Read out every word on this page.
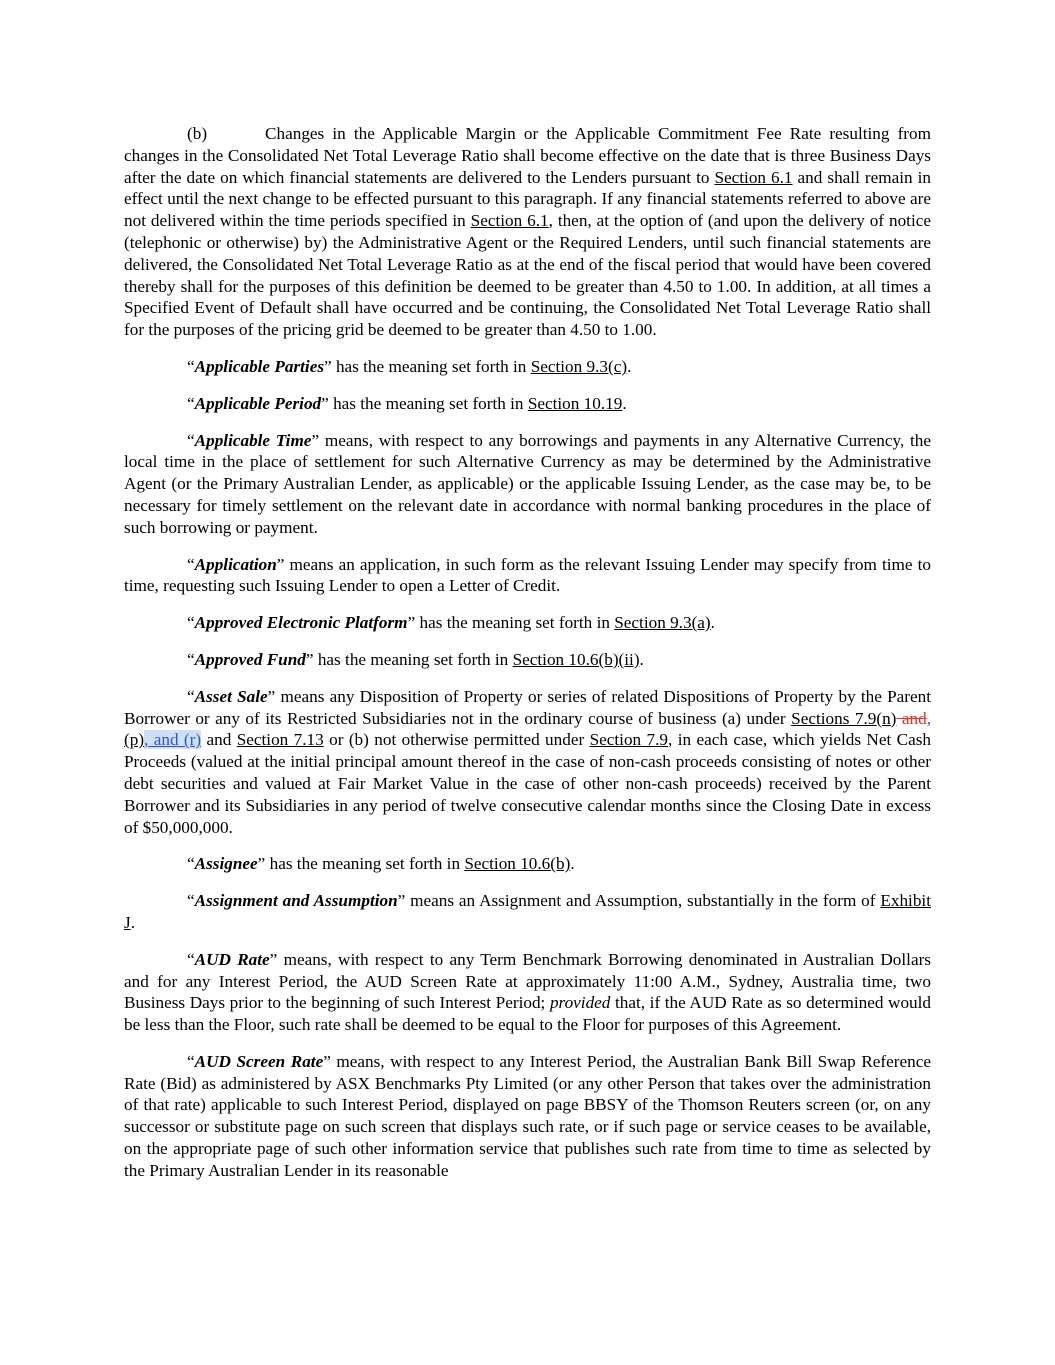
(b)	Changes in the Applicable Margin or the Applicable Commitment Fee Rate resulting from changes in the Consolidated Net Total Leverage Ratio shall become effective on the date that is three Business Days after the date on which financial statements are delivered to the Lenders pursuant to Section 6.1 and shall remain in effect until the next change to be effected pursuant to this paragraph. If any financial statements referred to above are not delivered within the time periods specified in Section 6.1, then, at the option of (and upon the delivery of notice (telephonic or otherwise) by) the Administrative Agent or the Required Lenders, until such financial statements are delivered, the Consolidated Net Total Leverage Ratio as at the end of the fiscal period that would have been covered thereby shall for the purposes of this definition be deemed to be greater than 4.50 to 1.00. In addition, at all times a Specified Event of Default shall have occurred and be continuing, the Consolidated Net Total Leverage Ratio shall for the purposes of the pricing grid be deemed to be greater than 4.50 to 1.00.

“Applicable Parties” has the meaning set forth in Section 9.3(c).

“Applicable Period” has the meaning set forth in Section 10.19.

“Applicable Time” means, with respect to any borrowings and payments in any Alternative Currency, the local time in the place of settlement for such Alternative Currency as may be determined by the Administrative Agent (or the Primary Australian Lender, as applicable) or the applicable Issuing Lender, as the case may be, to be necessary for timely settlement on the relevant date in accordance with normal banking procedures in the place of such borrowing or payment.

“Application” means an application, in such form as the relevant Issuing Lender may specify from time to time, requesting such Issuing Lender to open a Letter of Credit.

“Approved Electronic Platform” has the meaning set forth in Section 9.3(a).

“Approved Fund” has the meaning set forth in Section 10.6(b)(ii).

“Asset Sale” means any Disposition of Property or series of related Dispositions of Property by the Parent Borrower or any of its Restricted Subsidiaries not in the ordinary course of business (a) under Sections 7.9(n) and, (p), and (r) and Section 7.13 or (b) not otherwise permitted under Section 7.9, in each case, which yields Net Cash Proceeds (valued at the initial principal amount thereof in the case of non-cash proceeds consisting of notes or other debt securities and valued at Fair Market Value in the case of other non-cash proceeds) received by the Parent Borrower and its Subsidiaries in any period of twelve consecutive calendar months since the Closing Date in excess of $50,000,000.

“Assignee” has the meaning set forth in Section 10.6(b).

“Assignment and Assumption” means an Assignment and Assumption, substantially in the form of Exhibit J.

“AUD Rate” means, with respect to any Term Benchmark Borrowing denominated in Australian Dollars and for any Interest Period, the AUD Screen Rate at approximately 11:00 A.M., Sydney, Australia time, two Business Days prior to the beginning of such Interest Period; provided that, if the AUD Rate as so determined would be less than the Floor, such rate shall be deemed to be equal to the Floor for purposes of this Agreement.

“AUD Screen Rate” means, with respect to any Interest Period, the Australian Bank Bill Swap Reference Rate (Bid) as administered by ASX Benchmarks Pty Limited (or any other Person that takes over the administration of that rate) applicable to such Interest Period, displayed on page BBSY of the Thomson Reuters screen (or, on any successor or substitute page on such screen that displays such rate, or if such page or service ceases to be available, on the appropriate page of such other information service that publishes such rate from time to time as selected by the Primary Australian Lender in its reasonable
